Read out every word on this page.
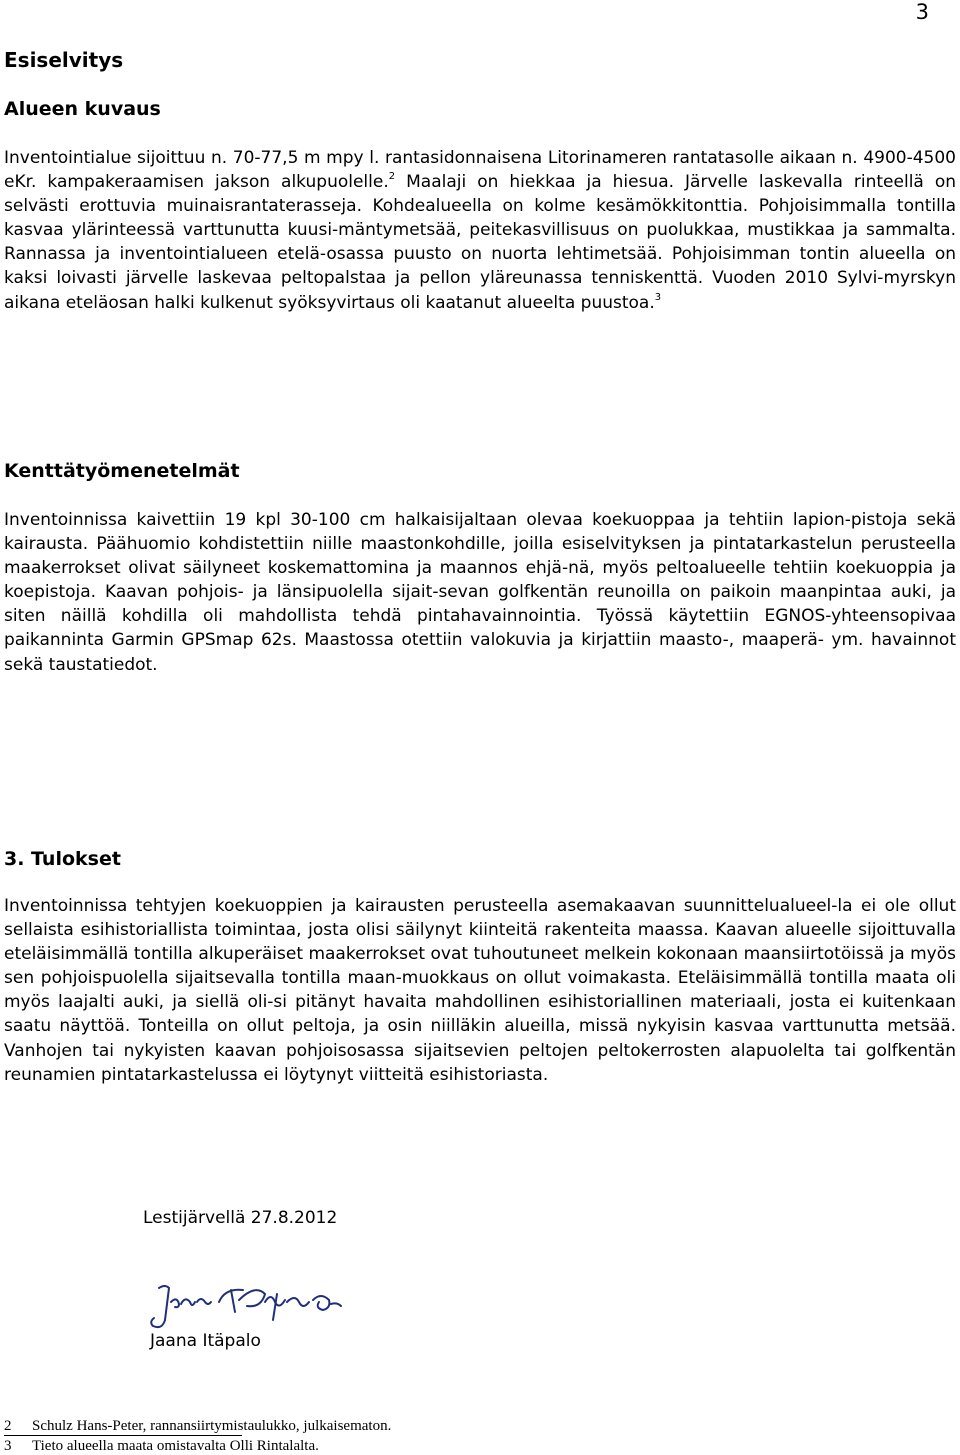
3
Esiselvitys
Alueen kuvaus
Inventointialue sijoittuu n. 70-77,5 m mpy l. rantasidonnaisena Litorinameren rantatasolle aikaan n. 4900-4500 eKr. kampakeraamisen jakson alkupuolelle.$^2$ Maalaji on hiekkaa ja hiesua. Järvelle laskevalla rinteellä on selvästi erottuvia muinaisrantaterasseja. Kohdealueella on kolme kesämökkitonttia. Pohjoisimmalla tontilla kasvaa ylärinteessä varttunutta kuusi-mäntymetsää, peitekasvillisuus on puolukkaa, mustikkaa ja sammalta. Rannassa ja inventointialueen etelä-osassa puusto on nuorta lehtimetsää. Pohjoisimman tontin alueella on kaksi loivasti järvelle laskevaa peltopalstaa ja pellon yläreunassa tenniskenttä. Vuoden 2010 Sylvi-myrskyn aikana eteläosan halki kulkenut syöksyvirtaus oli kaatanut alueelta puustoa.$^3$
Kenttätyömenetelmät
Inventoinnissa kaivettiin 19 kpl 30-100 cm halkaisijaltaan olevaa koekuoppaa ja tehtiin lapion-pistoja sekä kairausta. Päähuomio kohdistettiin niille maastonkohdille, joilla esiselvityksen ja pintatarkastelun perusteella maakerrokset olivat säilyneet koskemattomina ja maannos ehjä-nä, myös peltoalueelle tehtiin koekuoppia ja koepistoja. Kaavan pohjois- ja länsipuolella sijait-sevan golfkentän reunoilla on paikoin maanpintaa auki, ja siten näillä kohdilla oli mahdollista tehdä pintahavainnointia. Työssä käytettiin EGNOS-yhteensopivaa paikanninta Garmin GPSmap 62s. Maastossa otettiin valokuvia ja kirjattiin maasto-, maaperä- ym. havainnot sekä taustatiedot.
3. Tulokset
Inventoinnissa tehtyjen koekuoppien ja kairausten perusteella asemakaavan suunnittelualueel-la ei ole ollut sellaista esihistoriallista toimintaa, josta olisi säilynyt kiinteitä rakenteita maassa. Kaavan alueelle sijoittuvalla eteläisimmällä tontilla alkuperäiset maakerrokset ovat tuhoutuneet melkein kokonaan maansiirtotöissä ja myös sen pohjoispuolella sijaitsevalla tontilla maan-muokkaus on ollut voimakasta. Eteläisimmällä tontilla maata oli myös laajalti auki, ja siellä oli-si pitänyt havaita mahdollinen esihistoriallinen materiaali, josta ei kuitenkaan saatu näyttöä. Tonteilla on ollut peltoja, ja osin niilläkin alueilla, missä nykyisin kasvaa varttunutta metsää. Vanhojen tai nykyisten kaavan pohjoisosassa sijaitsevien peltojen peltokerrosten alapuolelta tai golfkentän reunamien pintatarkastelussa ei löytynyt viitteitä esihistoriasta.
Lestijärvellä 27.8.2012
Jaana Itäpalo
2 Schulz Hans-Peter, rannansiirtymistaulukko, julkaisematon.
3 Tieto alueella maata omistavalta Olli Rintalalta.
